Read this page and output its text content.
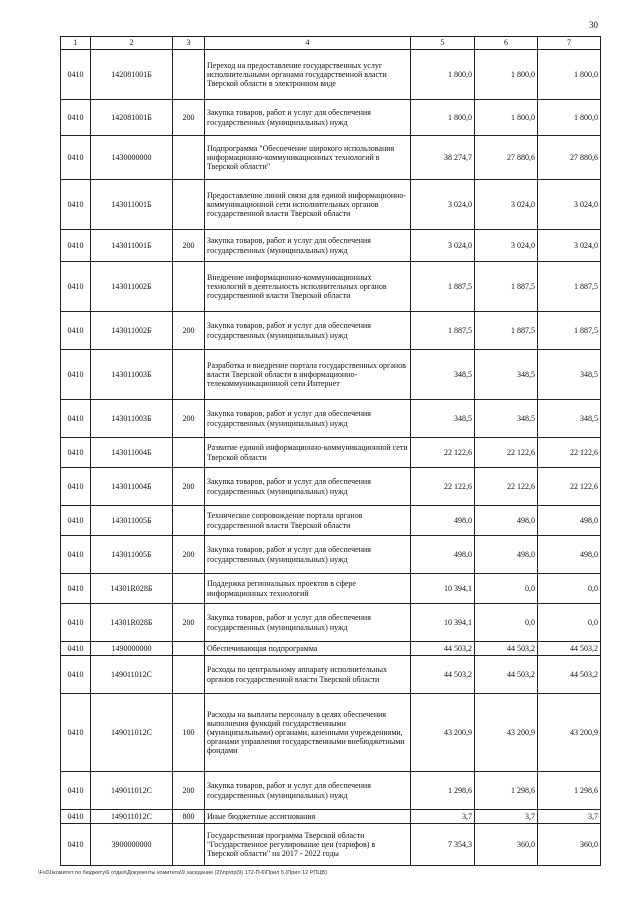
30
1	2	3	4	5	6	7
0410	142081001Б		Переход на предоставление государственных услуг исполнительными органами государственной власти Тверской области в электронном виде	1 800,0	1 800,0	1 800,0
0410	142081001Б	200	Закупка товаров, работ и услуг для обеспечения государственных (муниципальных) нужд	1 800,0	1 800,0	1 800,0
0410	1430000000		Подпрограмма "Обеспечение широкого использования информационно-коммуникационных технологий в Тверской области"	38 274,7	27 880,6	27 880,6
0410	143011001Б		Предоставление линий связи для единой информационно-коммуникационной сети исполнительных органов государственной власти Тверской области	3 024,0	3 024,0	3 024,0
0410	143011001Б	200	Закупка товаров, работ и услуг для обеспечения государственных (муниципальных) нужд	3 024,0	3 024,0	3 024,0
0410	143011002Б		Внедрение информационно-коммуникационных технологий в деятельность исполнительных органов государственной власти Тверской области	1 887,5	1 887,5	1 887,5
0410	143011002Б	200	Закупка товаров, работ и услуг для обеспечения государственных (муниципальных) нужд	1 887,5	1 887,5	1 887,5
0410	143011003Б		Разработка и внедрение портала государственных органов власти Тверской области в информационно-телекоммуникационной сети Интернет	348,5	348,5	348,5
0410	143011003Б	200	Закупка товаров, работ и услуг для обеспечения государственных (муниципальных) нужд	348,5	348,5	348,5
0410	143011004Б		Развитие единой информационно-коммуникационной сети Тверской области	22 122,6	22 122,6	22 122,6
0410	143011004Б	200	Закупка товаров, работ и услуг для обеспечения государственных (муниципальных) нужд	22 122,6	22 122,6	22 122,6
0410	143011005Б		Техническое сопровождение портала органов государственной власти Тверской области	498,0	498,0	498,0
0410	143011005Б	200	Закупка товаров, работ и услуг для обеспечения государственных (муниципальных) нужд	498,0	498,0	498,0
0410	14301R028Б		Поддержка региональных проектов в сфере информационных технологий	10 394,1	0,0	0,0
0410	14301R028Б	200	Закупка товаров, работ и услуг для обеспечения государственных (муниципальных) нужд	10 394,1	0,0	0,0
0410	1490000000		Обеспечивающая подпрограмма	44 503,2	44 503,2	44 503,2
0410	149011012С		Расходы по центральному аппарату исполнительных органов государственной власти Тверской области	44 503,2	44 503,2	44 503,2
0410	149011012С	100	Расходы на выплаты персоналу в целях обеспечения выполнения функций государственными (муниципальными) органами, казенными учреждениями, органами управления государственными внебюджетными фондами	43 200,9	43 200,9	43 200,9
0410	149011012С	200	Закупка товаров, работ и услуг для обеспечения государственных (муниципальных) нужд	1 298,6	1 298,6	1 298,6
0410	149011012С	800	Иные бюджетные ассигнования	3,7	3,7	3,7
0410	3900000000		Государственная программа Тверской области "Государственное регулирование цен (тарифов) в Тверской области" на 2017 - 2022 годы	7 354,3	360,0	360,0
\Fs01\комитет по бюджету\6 отдел\Документы комитета\9 заседание (2)\пр\пр(9) 172-П-6\Прил 5 (Прил 12 РПЦВ)
